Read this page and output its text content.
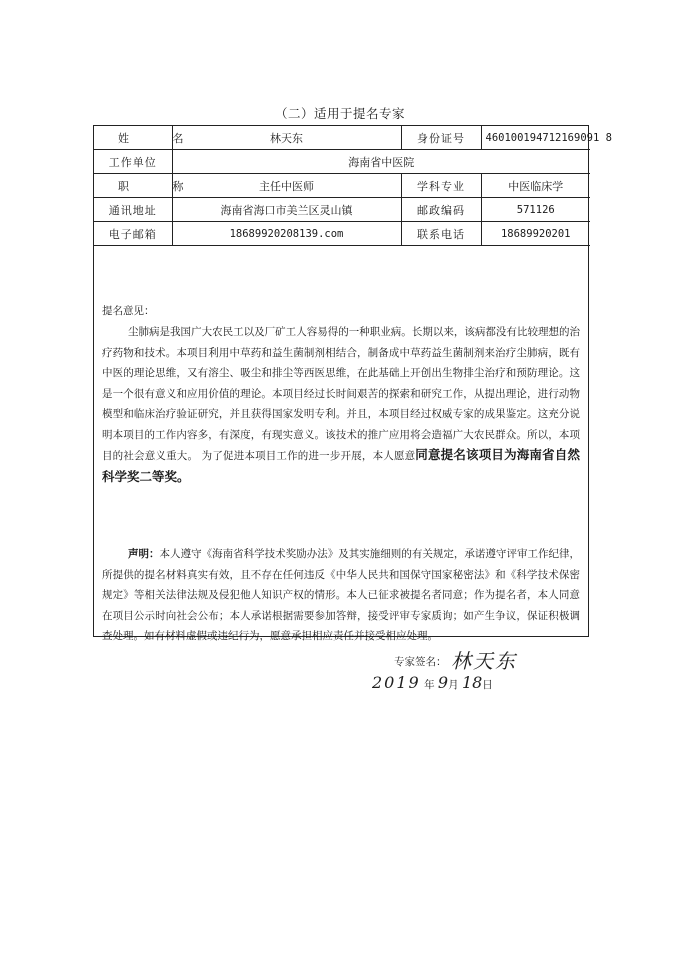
（二）适用于提名专家
姓 名	林天东	身份证号	460100194712169091 8
工作单位	海南省中医院		
职 称	主任中医师	学科专业	中医临床学
通讯地址	海南省海口市美兰区灵山镇	邮政编码	571126
电子邮箱	18689920208139.com	联系电话	18689920201
提名意见：
尘肺病是我国广大农民工以及厂矿工人容易得的一种职业病。长期以来，该病都没有比较理想的治疗药物和技术。本项目利用中草药和益生菌制剂相结合，制备成中草药益生菌制剂来治疗尘肺病，既有中医的理论思维，又有溶尘、吸尘和排尘等西医思维，在此基础上开创出生物排尘治疗和预防理论。这是一个很有意义和应用价值的理论。本项目经过长时间艰苦的探索和研究工作，从提出理论，进行动物模型和临床治疗验证研究，并且获得国家发明专利。并且，本项目经过权威专家的成果鉴定。这充分说明本项目的工作内容多，有深度，有现实意义。该技术的推广应用将会造福广大农民群众。所以，本项目的社会意义重大。 为了促进本项目工作的进一步开展，本人愿意同意提名该项目为海南省自然科学奖二等奖。
声明：本人遵守《海南省科学技术奖励办法》及其实施细则的有关规定，承诺遵守评审工作纪律，所提供的提名材料真实有效，且不存在任何违反《中华人民共和国保守国家秘密法》和《科学技术保密规定》等相关法律法规及侵犯他人知识产权的情形。本人已征求被提名者同意；作为提名者，本人同意在项目公示时向社会公布；本人承诺根据需要参加答辩，接受评审专家质询；如产生争议，保证积极调查处理。如有材料虚假或违纪行为，愿意承担相应责任并接受相应处理。
专家签名： 林天东
2019 年 9月 18日
